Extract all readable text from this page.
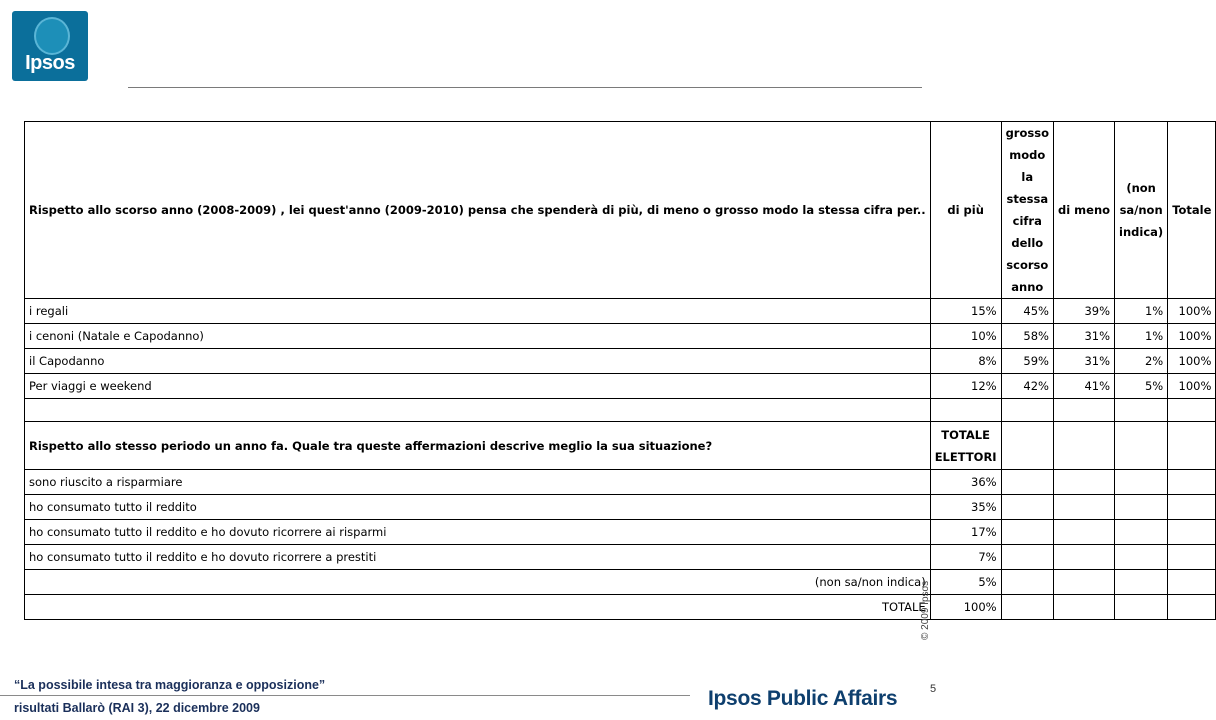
Ipsos
Rispetto allo scorso anno (2008-2009) , lei quest'anno (2009-2010) pensa che spenderà di più, di meno o grosso modo la stessa cifra per..	di più	grosso modo la stessa cifra dello scorso anno	di meno	(non sa/non indica)	Totale
i regali	15%	45%	39%	1%	100%
i cenoni (Natale e Capodanno)	10%	58%	31%	1%	100%
il Capodanno	8%	59%	31%	2%	100%
Per viaggi e weekend	12%	42%	41%	5%	100%

Rispetto allo stesso periodo un anno fa. Quale tra queste affermazioni descrive meglio la sua situazione?	TOTALE ELETTORI				
sono riuscito a risparmiare	36%				
ho consumato tutto il reddito	35%				
ho consumato tutto il reddito e ho dovuto ricorrere ai risparmi	17%				
ho consumato tutto il reddito e ho dovuto ricorrere a prestiti	7%				
(non sa/non indica)	5%				
TOTALE	100%				
© 2009 Ipsos
“La possibile intesa tra maggioranza e opposizione”
risultati Ballarò (RAI 3), 22 dicembre 2009
5
Ipsos Public Affairs
